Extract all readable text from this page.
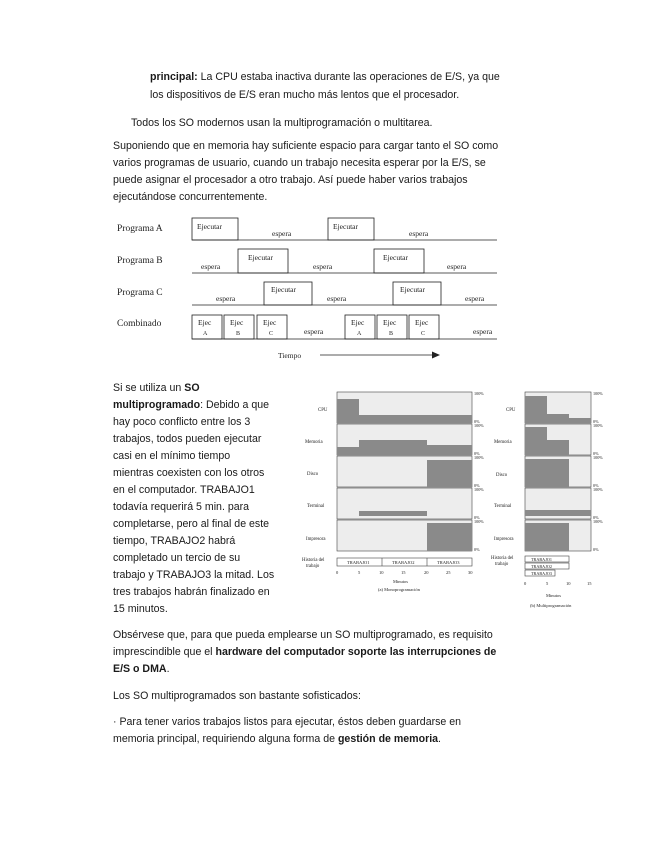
principal: La CPU estaba inactiva durante las operaciones de E/S, ya que

los dispositivos de E/S eran mucho más lentos que el procesador.

Todos los SO modernos usan la multiprogramación o multitarea.

Suponiendo que en memoria hay suficiente espacio para cargar tanto el SO como

varios programas de usuario, cuando un trabajo necesita esperar por la E/S, se

puede asignar el procesador a otro trabajo. Así puede haber varios trabajos

ejecutándose concurrentemente.

Programa A
Programa B
Programa C
Combinado
Ejecutar
espera
Ejecutar
espera
espera
Ejecutar
espera
Ejecutar
espera
espera
Ejecutar
espera
Ejecutar
espera
Ejec
A
Ejec
B
Ejec
C	espera
Ejec
A
Ejec
B
Ejec
C	espera
Tiempo

Si se utiliza un SO

multiprogramado: Debido a que

hay poco conflicto entre los 3

trabajos, todos pueden ejecutar

casi en el mínimo tiempo

mientras coexisten con los otros

en el computador. TRABAJO1

todavía requerirá 5 min. para

completarse, pero al final de este

tiempo, TRABAJO2 habrá

completado un tercio de su

trabajo y TRABAJO3 la mitad. Los

tres trabajos habrán finalizado en

15 minutos.

TRABAJO1	TRABAJO2	TRABAJO3
CPU
Memoria
Disco
Terminal
Impresora
Historia del
trabajo
100%
0%
100%
0%
100%
0%
100%
0%
100%
0%
0	5	10	15	20	25	30
Minutos
(a) Monoprogramación
TRABAJO1
TRABAJO2
TRABAJO3
CPU
Memoria
Disco
Terminal
Impresora
Historia del
trabajo
100%
0%
100%
0%
100%
0%
100%
0%
100%
0%
0	5	10	15
Minutos
(b) Multiprogramación

Obsérvese que, para que pueda emplearse un SO multiprogramado, es requisito

imprescindible que el hardware del computador soporte las interrupciones de

E/S o DMA.

Los SO multiprogramados son bastante sofisticados:

· Para tener varios trabajos listos para ejecutar, éstos deben guardarse en

memoria principal, requiriendo alguna forma de gestión de memoria.
